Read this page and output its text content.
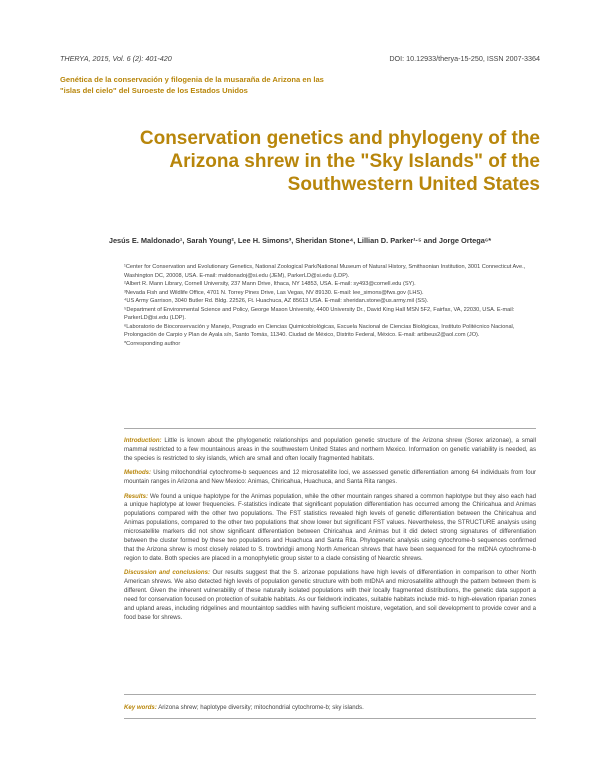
THERYA, 2015, Vol. 6 (2): 401-420	DOI: 10.12933/therya-15-250, ISSN 2007-3364
Genética de la conservación y filogenia de la musaraña de Arizona en las "islas del cielo" del Suroeste de los Estados Unidos
Conservation genetics and phylogeny of the Arizona shrew in the "Sky Islands" of the Southwestern United States
Jesús E. Maldonado¹, Sarah Young², Lee H. Simons³, Sheridan Stone⁴, Lillian D. Parker¹·⁵ and Jorge Ortega⁶*

¹Center for Conservation and Evolutionary Genetics, National Zoological Park/National Museum of Natural History, Smithsonian Institution, 3001 Connecticut Ave., Washington DC, 20008, USA. E-mail: maldonadoj@si.edu (JEM), ParkerLD@si.edu (LDP).

²Albert R. Mann Library, Cornell University, 237 Mann Drive, Ithaca, NY 14853, USA. E-mail: sy493@cornell.edu (SY).

³Nevada Fish and Wildlife Office, 4701 N. Torrey Pines Drive, Las Vegas, NV 89130. E-mail: lee_simons@fws.gov (LHS).

⁴US Army Garrison, 3040 Butler Rd. Bldg. 22526, Ft. Huachuca, AZ 85613 USA. E-mail: sheridan.stone@us.army.mil (SS).

⁵Department of Environmental Science and Policy, George Mason University, 4400 University Dr., David King Hall MSN 5F2, Fairfax, VA, 22030, USA. E-mail: ParkerLD@si.edu (LDP).

⁶Laboratorio de Bioconservación y Manejo, Posgrado en Ciencias Quimicobiológicas, Escuela Nacional de Ciencias Biológicas, Instituto Politécnico Nacional, Prolongación de Carpio y Plan de Ayala s/n, Santo Tomás, 11340. Ciudad de México, Distrito Federal, México. E-mail: artibeus2@aol.com (JO).

*Corresponding author

Introduction: Little is known about the phylogenetic relationships and population genetic structure of the Arizona shrew (Sorex arizonae), a small mammal restricted to a few mountainous areas in the southwestern United States and northern Mexico. Information on genetic variability is needed, as the species is restricted to sky islands, which are small and often locally fragmented habitats.

Methods: Using mitochondrial cytochrome-b sequences and 12 microsatellite loci, we assessed genetic differentiation among 64 individuals from four mountain ranges in Arizona and New Mexico: Animas, Chiricahua, Huachuca, and Santa Rita ranges.

Results: We found a unique haplotype for the Animas population, while the other mountain ranges shared a common haplotype but they also each had a unique haplotype at lower frequencies. F-statistics indicate that significant population differentiation has occurred among the Chiricahua and Animas populations compared with the other two populations. The FST statistics revealed high levels of genetic differentiation between the Chiricahua and Animas populations, compared to the other two populations that show lower but significant FST values. Nevertheless, the STRUCTURE analysis using microsatellite markers did not show significant differentiation between Chiricahua and Animas but it did detect strong signatures of differentiation between the cluster formed by these two populations and Huachuca and Santa Rita. Phylogenetic analysis using cytochrome-b sequences confirmed that the Arizona shrew is most closely related to S. trowbridgii among North American shrews that have been sequenced for the mtDNA cytochrome-b region to date. Both species are placed in a monophyletic group sister to a clade consisting of Nearctic shrews.

Discussion and conclusions: Our results suggest that the S. arizonae populations have high levels of differentiation in comparison to other North American shrews. We also detected high levels of population genetic structure with both mtDNA and microsatellite although the pattern between them is different. Given the inherent vulnerability of these naturally isolated populations with their locally fragmented distributions, the genetic data support a need for conservation focused on protection of suitable habitats. As our fieldwork indicates, suitable habitats include mid- to high-elevation riparian zones and upland areas, including ridgelines and mountaintop saddles with having sufficient moisture, vegetation, and soil development to provide cover and a food base for shrews.

Key words: Arizona shrew; haplotype diversity; mitochondrial cytochrome-b; sky islands.
